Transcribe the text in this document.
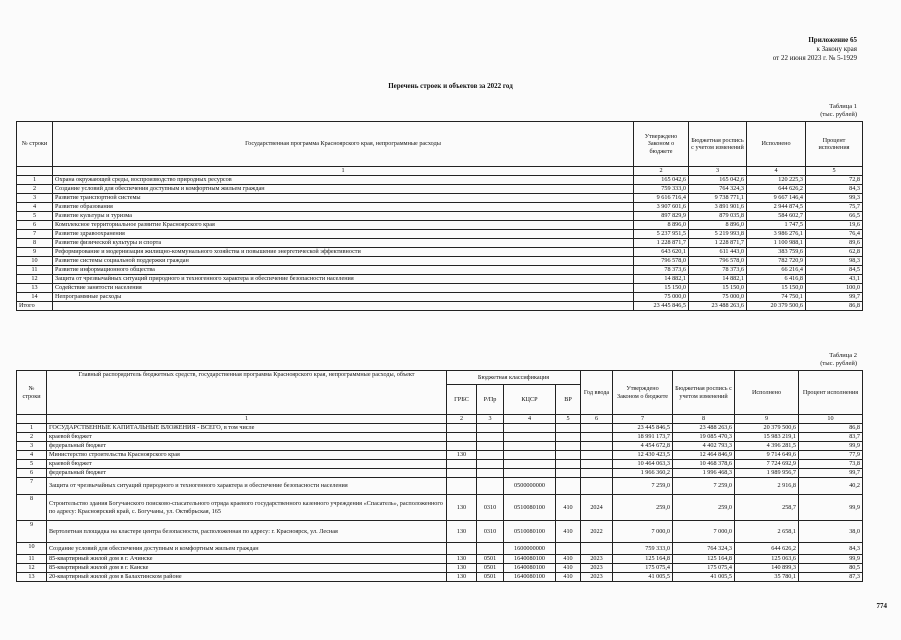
Приложение 65
к Закону края
от 22 июня 2023 г. № 5-1929
Перечень строек и объектов за 2022 год
Таблица 1
(тыс. рублей)
№ строки	Государственная программа Красноярского края, непрограммные расходы	Утверждено Законом о бюджете	Бюджетная роспись с учетом изменений	Исполнено	Процент исполнения
	1	2	3	4	5
1	Охрана окружающей среды, воспроизводство природных ресурсов	165 042,6	165 042,6	120 225,3	72,8
2	Создание условий для обеспечения доступным и комфортным жильем граждан	759 333,0	764 324,3	644 626,2	84,3
3	Развитие транспортной системы	9 616 716,4	9 738 771,1	9 667 146,4	99,3
4	Развитие образования	3 907 601,6	3 891 901,6	2 944 874,5	75,7
5	Развитие культуры и туризма	897 829,9	879 035,8	584 602,7	66,5
6	Комплексное территориальное развитие Красноярского края	8 896,0	8 896,0	1 747,5	19,6
7	Развитие здравоохранения	5 237 951,5	5 219 993,8	3 986 276,1	76,4
8	Развитие физической культуры и спорта	1 228 871,7	1 228 871,7	1 100 988,1	89,6
9	Реформирование и модернизация жилищно-коммунального хозяйства и повышение энергетической эффективности	643 620,1	611 443,0	383 759,6	62,8
10	Развитие системы социальной поддержки граждан	796 578,0	796 578,0	782 720,9	98,3
11	Развитие информационного общества	78 373,6	78 373,6	66 216,4	84,5
12	Защита от чрезвычайных ситуаций природного и техногенного характера и обеспечение безопасности населения	14 882,1	14 882,1	6 416,8	43,1
13	Содействие занятости населения	15 150,0	15 150,0	15 150,0	100,0
14	Непрограммные расходы	75 000,0	75 000,0	74 750,1	99,7
Итого		23 445 846,5	23 488 263,6	20 379 500,6	86,8
Таблица 2
(тыс. рублей)
№ строки	Главный распорядитель бюджетных средств, государственная программа Красноярского края, непрограммные расходы, объект	Бюджетная классификация				Год ввода	Утверждено Законом о бюджете	Бюджетная роспись с учетом изменений	Исполнено	Процент исполнения
		ГРБС	Р/Пр	КЦСР	ВР					
	1	2	3	4	5	6	7	8	9	10
1	ГОСУДАРСТВЕННЫЕ КАПИТАЛЬНЫЕ ВЛОЖЕНИЯ - ВСЕГО, в том числе						23 445 846,5	23 488 263,6	20 379 500,6	86,8
2	краевой бюджет						18 991 173,7	19 085 470,3	15 983 219,1	83,7
3	федеральный бюджет						4 454 672,8	4 402 793,3	4 396 281,5	99,9
4	Министерство строительства Красноярского края	130					12 430 423,5	12 464 846,9	9 714 649,6	77,9
5	краевой бюджет						10 464 063,3	10 468 378,6	7 724 692,9	73,8
6	федеральный бюджет						1 966 360,2	1 996 468,3	1 989 956,7	99,7
7	Защита от чрезвычайных ситуаций природного и техногенного характера и обеспечение безопасности населения			0500000000			7 259,0	7 259,0	2 916,8	40,2
8	Строительство здания Богучанского поисково-спасательного отряда краевого государственного казенного учреждения «Спасатель», расположенного по адресу: Красноярский край, с. Богучаны, ул. Октябрьская, 165	130	0310	0510080100	410	2024	259,0	259,0	258,7	99,9
9	Вертолетная площадка на кластере центра безопасности, расположенная по адресу: г. Красноярск, ул. Лесная	130	0310	0510080100	410	2022	7 000,0	7 000,0	2 658,1	38,0
10	Создание условий для обеспечения доступным и комфортным жильем граждан			1600000000			759 333,0	764 324,3	644 626,2	84,3
11	85-квартирный жилой дом в г. Ачинске	130	0501	1640080100	410	2023	125 164,8	125 164,8	125 063,6	99,9
12	85-квартирный жилой дом в г. Канске	130	0501	1640080100	410	2023	175 075,4	175 075,4	140 899,3	80,5
13	20-квартирный жилой дом в Балахтинском районе	130	0501	1640080100	410	2023	41 005,5	41 005,5	35 780,1	87,3
774
